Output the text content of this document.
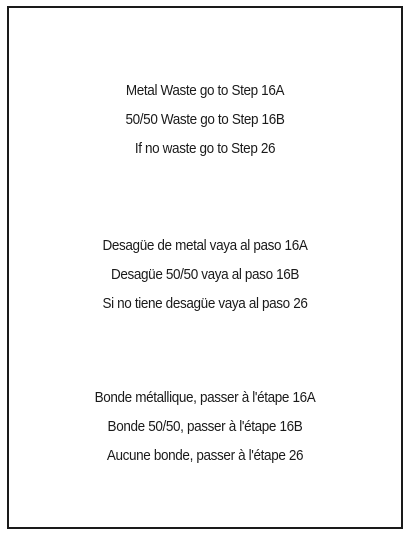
Metal Waste go to Step 16A
50/50 Waste go to Step 16B
If no waste go to Step 26
Desagüe de metal vaya al paso 16A
Desagüe 50/50 vaya al paso 16B
Si no tiene desagüe vaya al paso 26
Bonde métallique, passer à l'étape 16A
Bonde 50/50, passer à l'étape 16B
Aucune bonde, passer à l'étape 26
